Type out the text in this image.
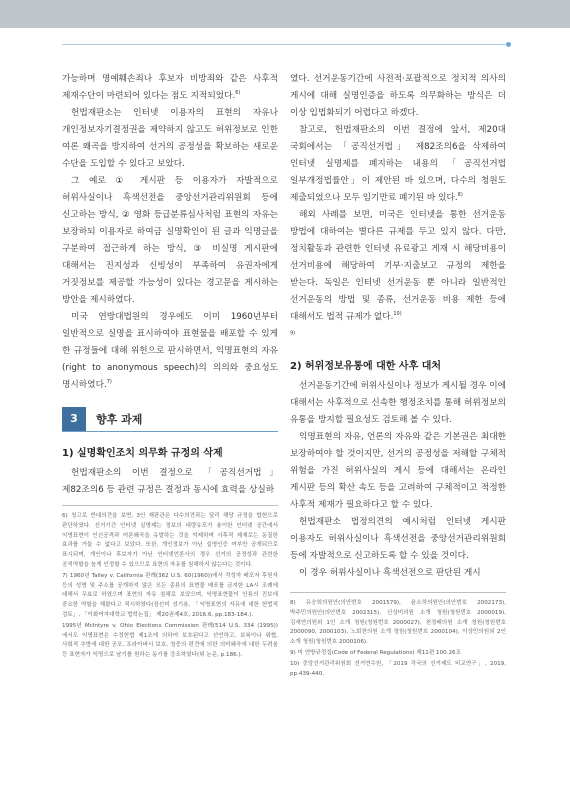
가능하며 명예훼손죄나 후보자 비방죄와 같은 사후적 제재수단이 마련되어 있다는 점도 지적되었다.$^{6)}$

헌법재판소는 인터넷 이용자의 표현의 자유나 개인정보자기결정권을 제약하지 않고도 허위정보로 인한 여론 왜곡을 방지하여 선거의 공정성을 확보하는 새로운 수단을 도입할 수 있다고 보았다.

그 예로 ① 게시판 등 이용자가 자발적으로 허위사실이나 흑색선전을 중앙선거관리위원회 등에 신고하는 방식, ② 영화 등급분류심사처럼 표현의 자유는 보장하되 이용자로 하여금 실명확인이 된 글과 익명글을 구분하여 접근하게 하는 방식, ③ 비실명 게시판에 대해서는 진지성과 신빙성이 부족하여 유권자에게 거짓정보를 제공할 가능성이 있다는 경고문을 게시하는 방안을 제시하였다.

미국 연방대법원의 경우에도 이미 1960년부터 일반적으로 실명을 표시하여야 표현물을 배포할 수 있게 한 규정들에 대해 위헌으로 판시하면서, 익명표현의 자유(right to anonymous speech)의 의의와 중요성도 명시하였다.$^{7)}$

3	향후 과제
1) 실명확인조치 의무화 규정의 삭제

헌법재판소의 이번 결정으로 「공직선거법」 제82조의6 등 관련 규정은 결정과 동시에 효력을 상실하

6) 청고로 반대의견을 보면, 3인 재판관은 다수의견과는 달리 해당 규정을 합헌으로 판단하였다. 선거기간 인터넷 실명제는 정보의 대량유포가 용이한 인터넷 공간에서 익명표현이 인신공격과 여론왜곡을 유발하는 것을 억제하며 사후적 제재로는 동질한 효과를 거둘 수 없다고 보았다. 또한, 개인정보가 아닌 실명인증 여부만 공개되므로 표시되며, 개인이나 후보자가 아닌 인터넷언론사의 경우 선거의 공정성과 관련한 공적역할을 높게 인정할 수 있으므로 표현의 자유를 침해하지 않는다는 것이다.

7) 1960년 Talley v. California 판례(362 U.S. 60(1960))에서 작성자 배포자 후원자 등의 성명 및 주소를 공개하지 않은 모든 종류의 표현물 배포를 금지한 LA시 조례에 대해서 무효로 하였으며 표현의 자유 침해로 보았으며, 익명표현물이 인류의 진보에 중요한 역할을 해왔다고 적시하였다(장선미 성기용, 「익명표현의 자유에 대한 헌법적 검토」, 「이화여자대학교 법학논집」 제20권제4호, 2016.6, pp.183-184.).

1995년 McIntyre v. Ohio Elections Commission 판례(514 U.S. 334 (1995))에서도 익명표현은 수정헌법 제1조에 의하여 보호된다고 선언하고, 보복이나 위협, 사회적 추방에 대한 공포, 프라이버시 보호, 청중의 편견에 의한 의미왜곡에 대한 두려움 등 표현자가 익명으로 남기를 원하는 동기를 강조하였다(위 논문, p.186.).

였다. 선거운동기간에 사전적·포괄적으로 정치적 의사의 게시에 대해 실명인증을 하도록 의무화하는 방식은 더 이상 입법화되기 어렵다고 하겠다.

참고로, 헌법재판소의 이번 결정에 앞서, 제20대 국회에서는 「공직선거법」 제82조의6을 삭제하여 인터넷 실명제를 폐지하는 내용의 「공직선거법 일부개정법률안」이 제안된 바 있으며, 다수의 청원도 제출되었으나 모두 임기만료 폐기된 바 있다.$^{8)}$

해외 사례를 보면, 미국은 인터넷을 통한 선거운동 방법에 대하여는 별다른 규제를 두고 있지 않다. 다만, 정치활동과 관련한 인터넷 유료광고 게재 시 해당비용이 선거비용에 해당하여 기부·지출보고 규정의 제한을 받는다. 독일은 인터넷 선거운동 뿐 아니라 일반적인 선거운동의 방법 및 종류, 선거운동 비용 제한 등에 대해서도 법적 규제가 없다.$^{10)}$

$^{9)}$
2) 허위정보유통에 대한 사후 대처

선거운동기간에 허위사실이나 정보가 게시될 경우 이에 대해서는 사후적으로 신속한 행정조치를 통해 허위정보의 유통을 방지할 필요성도 검토해 볼 수 있다.

익명표현의 자유, 언론의 자유와 같은 기본권은 최대한 보장하여야 할 것이지만, 선거의 공정성을 저해할 구체적 위험을 가진 허위사실의 게시 등에 대해서는 온라인 게시판 등의 확산 속도 등을 고려하여 구체적이고 적정한 사후적 제재가 필요하다고 할 수 있다.

헌법재판소 법정의견의 예시처럼 인터넷 게시판 이용자도 허위사실이나 흑색선전을 중앙선거관리위원회 등에 자발적으로 신고하도록 할 수 있을 것이다.

이 경우 허위사실이나 흑색선전으로 판단된 게시

8) 유승희의원안(의안번호 2001579), 윤소하의원안(의안번호 2002173), 박주민의원안(의안번호 2002315), 신상미의원 소개 청원(청원번호 2000019), 김세연의원외 1인 소개 청원(청원번호 2000027), 천정배의원 소개 청원(청원번호 2000090, 2000103), 노회찬의원 소개 청원(청원번호 2000104), 이상민의원외 2인 소개 청원(청원번호 2000106).

9) 미 연방규정집(Code of Federal Regulations) 제11편 100.26조

10) 중앙선거관리위원회 선거연수원, 「2019 각국의 선거제도 비교연구」, 2019, pp.439-440.
